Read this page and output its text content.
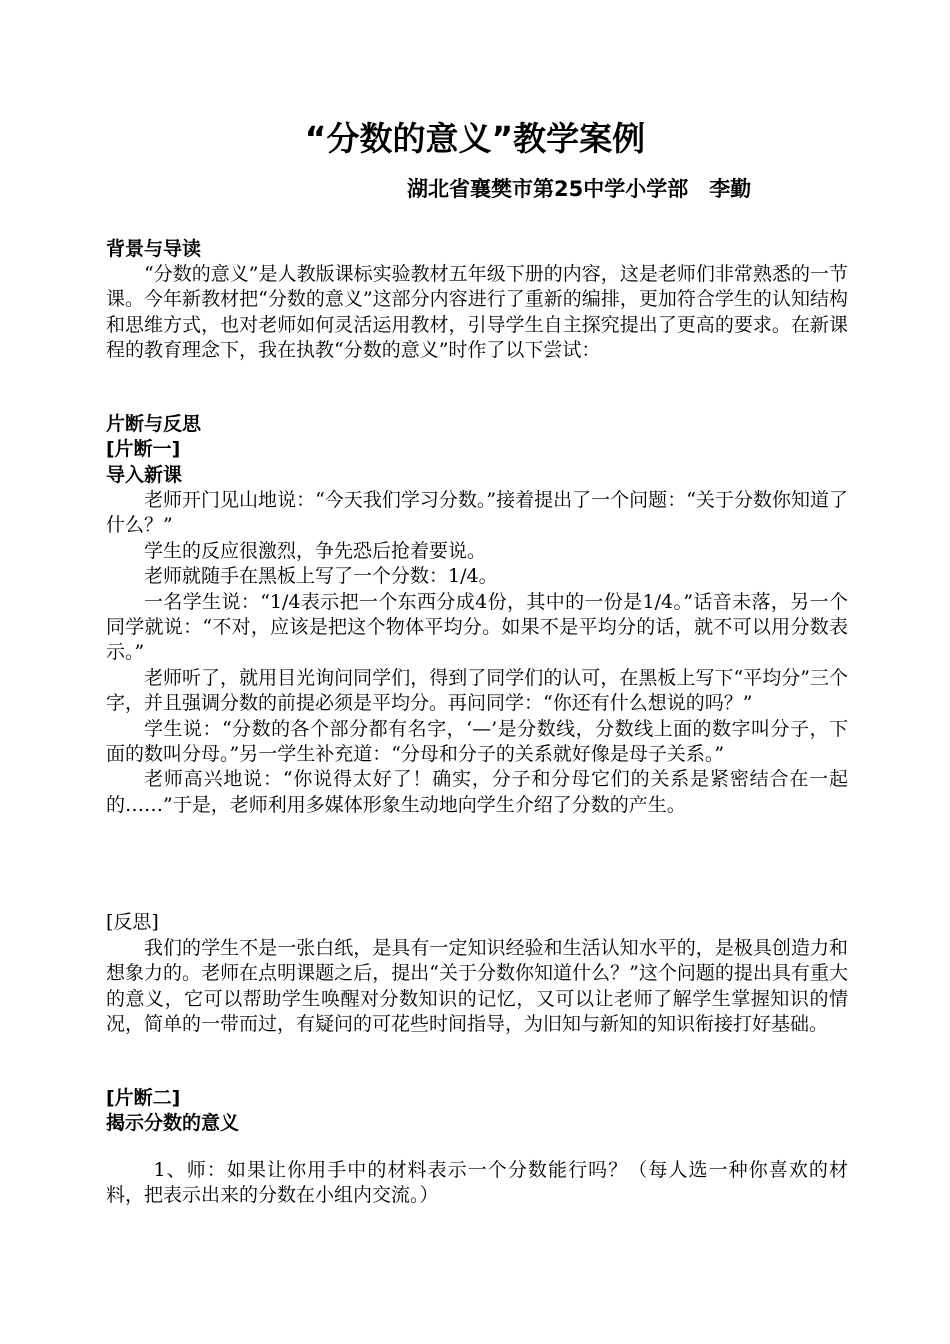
“分数的意义”教学案例
湖北省襄樊市第25中学小学部　李勤
背景与导读

“分数的意义”是人教版课标实验教材五年级下册的内容，这是老师们非常熟悉的一节课。今年新教材把“分数的意义”这部分内容进行了重新的编排，更加符合学生的认知结构和思维方式，也对老师如何灵活运用教材，引导学生自主探究提出了更高的要求。在新课程的教育理念下，我在执教“分数的意义”时作了以下尝试：

片断与反思
[片断一]
导入新课

老师开门见山地说：“今天我们学习分数。”接着提出了一个问题：“关于分数你知道了什么？”

学生的反应很激烈，争先恐后抢着要说。

老师就随手在黑板上写了一个分数：1/4。

一名学生说：“1/4表示把一个东西分成4份，其中的一份是1/4。”话音未落，另一个同学就说：“不对，应该是把这个物体平均分。如果不是平均分的话，就不可以用分数表示。”

老师听了，就用目光询问同学们，得到了同学们的认可，在黑板上写下“平均分”三个字，并且强调分数的前提必须是平均分。再问同学：“你还有什么想说的吗？”

学生说：“分数的各个部分都有名字，‘—’是分数线，分数线上面的数字叫分子，下面的数叫分母。”另一学生补充道：“分母和分子的关系就好像是母子关系。”

老师高兴地说：“你说得太好了！确实，分子和分母它们的关系是紧密结合在一起的……”于是，老师利用多媒体形象生动地向学生介绍了分数的产生。

[反思]

我们的学生不是一张白纸，是具有一定知识经验和生活认知水平的，是极具创造力和想象力的。老师在点明课题之后，提出“关于分数你知道什么？”这个问题的提出具有重大的意义，它可以帮助学生唤醒对分数知识的记忆，又可以让老师了解学生掌握知识的情况，简单的一带而过，有疑问的可花些时间指导，为旧知与新知的知识衔接打好基础。

[片断二]
揭示分数的意义

1、师：如果让你用手中的材料表示一个分数能行吗？（每人选一种你喜欢的材料，把表示出来的分数在小组内交流。）
